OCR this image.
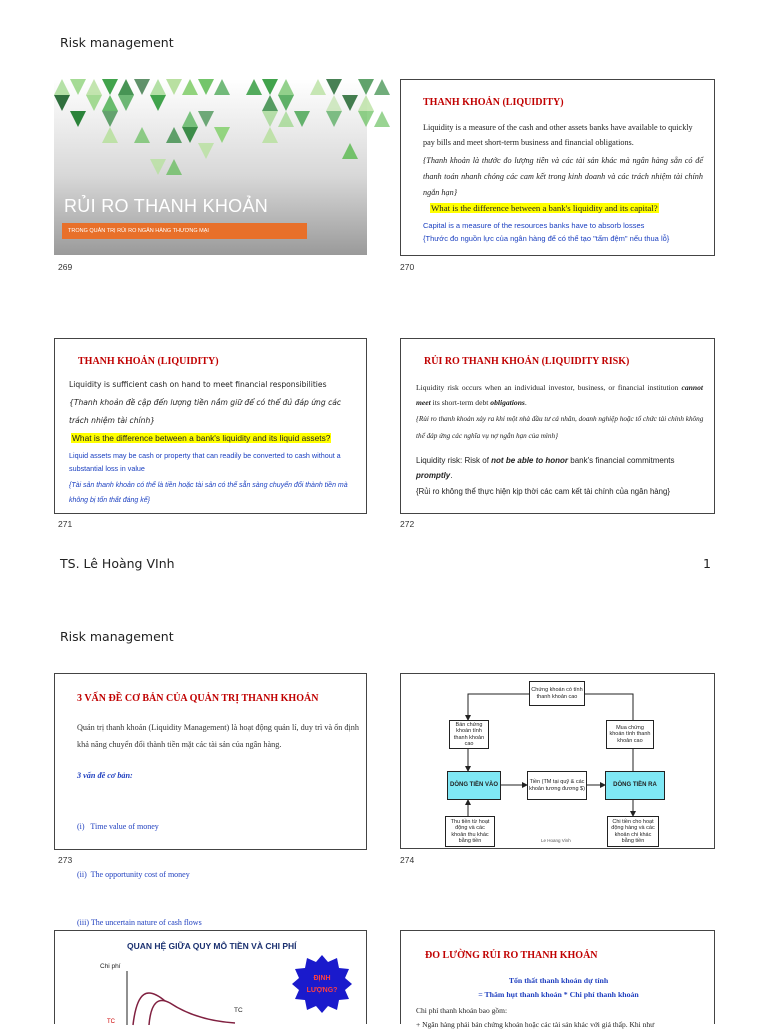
Risk management
RỦI RO THANH KHOẢN
TRONG QUẢN TRỊ RỦI RO NGÂN HÀNG THƯƠNG MẠI
269
THANH KHOẢN (LIQUIDITY)
Liquidity is a measure of the cash and other assets banks have available to quickly pay bills and meet short-term business and financial obligations.
{Thanh khoản là thước đo lượng tiền và các tài sản khác mà ngân hàng sẵn có để thanh toán nhanh chóng các cam kết trong kinh doanh và các trách nhiệm tài chính ngắn hạn}
What is the difference between a bank's liquidity and its capital?
Capital is a measure of the resources banks have to absorb losses
{Thước đo nguồn lực của ngân hàng để có thể tạo "tấm đệm" nếu thua lỗ}
270
THANH KHOẢN (LIQUIDITY)
Liquidity is sufficient cash on hand to meet financial responsibilities
{Thanh khoản đề cập đến lượng tiền nắm giữ để có thể đủ đáp ứng các trách nhiệm tài chính}
What is the difference between a bank's liquidity and its liquid assets?
Liquid assets may be cash or property that can readily be converted to cash without a substantial loss in value
{Tài sản thanh khoản có thể là tiền hoặc tài sản có thể sẵn sàng chuyển đổi thành tiền mà không bị tổn thất đáng kể}
271
RỦI RO THANH KHOẢN (LIQUIDITY RISK)
Liquidity risk occurs when an individual investor, business, or financial institution cannot meet its short-term debt obligations.
{Rủi ro thanh khoản xảy ra khi một nhà đầu tư cá nhân, doanh nghiệp hoặc tổ chức tài chính không thể đáp ứng các nghĩa vụ nợ ngắn hạn của mình}
Liquidity risk: Risk of not be able to honor bank's financial commitments promptly.
{Rủi ro không thể thực hiện kịp thời các cam kết tài chính của ngân hàng}
272
TS. Lê Hoàng VInh	1
Risk management
3 VẤN ĐỀ CƠ BẢN CỦA QUẢN TRỊ THANH KHOẢN
Quản trị thanh khoản (Liquidity Management) là hoạt động quản lí, duy trì và ổn định khả năng chuyển đổi thành tiền mặt các tài sản của ngân hàng.
3 vấn đề cơ bản:

(i)   Time value of money

(ii)  The opportunity cost of money

(iii) The uncertain nature of cash flows

273
Chứng khoán có tính thanh khoản cao
Bán chứng khoán tính thanh khoản cao
Mua chứng khoán tính thanh khoản cao
DÒNG TIỀN VÀO
Tiền (TM tại quỹ & các khoản tương đương $)
DÒNG TIỀN RA
Thu tiền từ hoạt động và các khoản thu khác bằng tiền
Chi tiền cho hoạt động hàng và các khoản chi khác bằng tiền
Le Hoang Vinh
274
QUAN HỆ GIỮA QUY MÔ TIỀN VÀ CHI PHÍ
Chi phí
TC
TC
ĐỊNH LƯỢNG?
ĐO LƯỜNG RỦI RO THANH KHOẢN
Tổn thất thanh khoản dự tính
= Thâm hụt thanh khoản * Chi phí thanh khoản
Chi phí thanh khoản bao gồm:
+ Ngân hàng phải bán chứng khoán hoặc các tài sản khác với giá thấp. Khi như
